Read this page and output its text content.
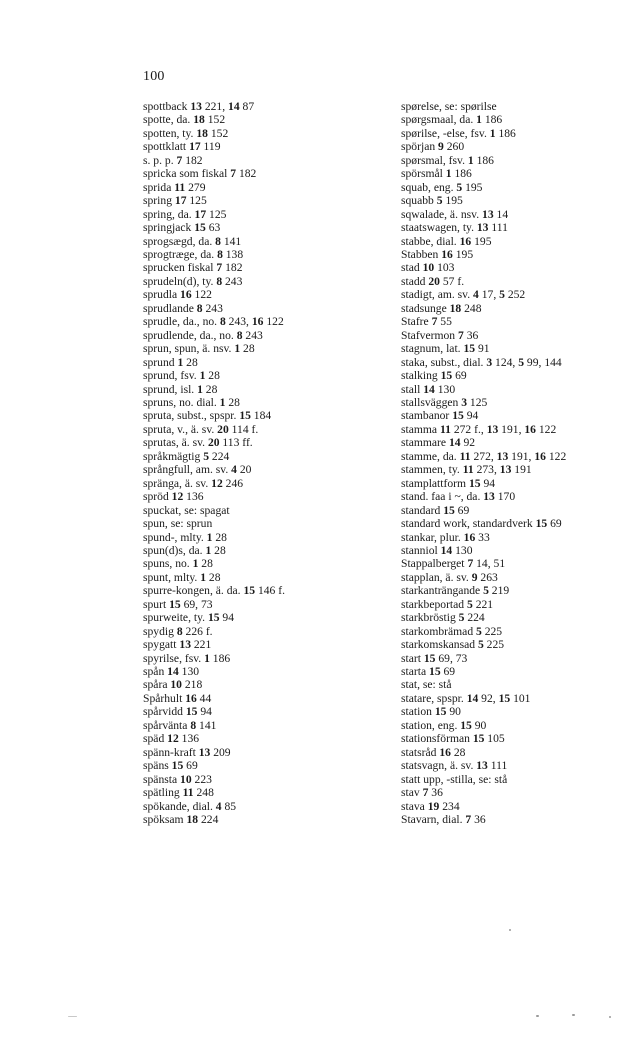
100
spottback 13 221, 14 87
spotte, da. 18 152
spotten, ty. 18 152
spottklatt 17 119
s. p. p. 7 182
spricka som fiskal 7 182
sprida 11 279
spring 17 125
spring, da. 17 125
springjack 15 63
sprogsægd, da. 8 141
sprogtræge, da. 8 138
sprucken fiskal 7 182
sprudeln(d), ty. 8 243
sprudla 16 122
sprudlande 8 243
sprudle, da., no. 8 243, 16 122
sprudlende, da., no. 8 243
sprun, spun, ä. nsv. 1 28
sprund 1 28
sprund, fsv. 1 28
sprund, isl. 1 28
spruns, no. dial. 1 28
spruta, subst., spspr. 15 184
spruta, v., ä. sv. 20 114 f.
sprutas, ä. sv. 20 113 ff.
språkmägtig 5 224
språngfull, am. sv. 4 20
spränga, ä. sv. 12 246
spröd 12 136
spuckat, se: spagat
spun, se: sprun
spund-, mlty. 1 28
spun(d)s, da. 1 28
spuns, no. 1 28
spunt, mlty. 1 28
spurre-kongen, ä. da. 15 146 f.
spurt 15 69, 73
spurweite, ty. 15 94
spydig 8 226 f.
spygatt 13 221
spyrilse, fsv. 1 186
spån 14 130
spåra 10 218
Spårhult 16 44
spårvidd 15 94
spårvänta 8 141
späd 12 136
spänn-kraft 13 209
späns 15 69
spänsta 10 223
spätling 11 248
spökande, dial. 4 85
spöksam 18 224
spørelse, se: spørilse
spørgsmaal, da. 1 186
spørilse, -else, fsv. 1 186
spörjan 9 260
spørsmal, fsv. 1 186
spörsmål 1 186
squab, eng. 5 195
squabb 5 195
sqwalade, ä. nsv. 13 14
staatswagen, ty. 13 111
stabbe, dial. 16 195
Stabben 16 195
stad 10 103
stadd 20 57 f.
stadigt, am. sv. 4 17, 5 252
stadsunge 18 248
Stafre 7 55
Stafvermon 7 36
stagnum, lat. 15 91
staka, subst., dial. 3 124, 5 99, 144
stalking 15 69
stall 14 130
stallsväggen 3 125
stambanor 15 94
stamma 11 272 f., 13 191, 16 122
stammare 14 92
stamme, da. 11 272, 13 191, 16 122
stammen, ty. 11 273, 13 191
stamplattform 15 94
stand. faa i ~, da. 13 170
standard 15 69
standard work, standardverk 15 69
stankar, plur. 16 33
stanniol 14 130
Stappalberget 7 14, 51
stapplan, ä. sv. 9 263
starkanträngande 5 219
starkbeportad 5 221
starkbröstig 5 224
starkombrämad 5 225
starkomskansad 5 225
start 15 69, 73
starta 15 69
stat, se: stå
statare, spspr. 14 92, 15 101
station 15 90
station, eng. 15 90
stationsförman 15 105
statsråd 16 28
statsvagn, ä. sv. 13 111
statt upp, -stilla, se: stå
stav 7 36
stava 19 234
Stavarn, dial. 7 36
